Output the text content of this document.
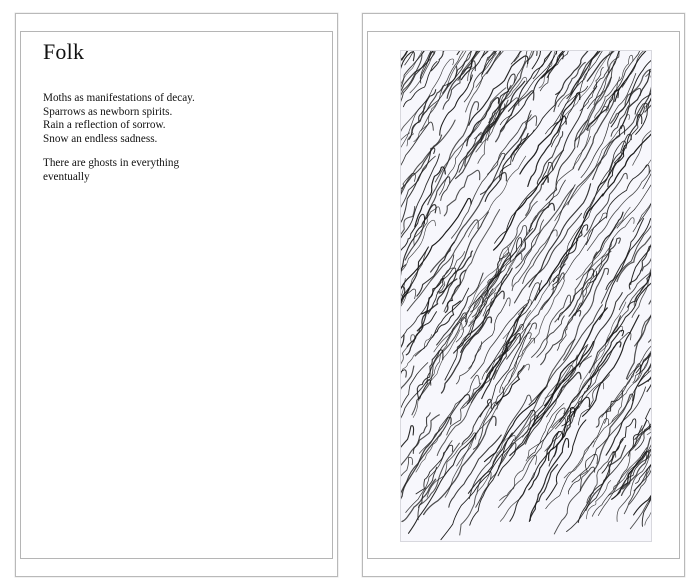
Folk

Moths as manifestations of decay.
Sparrows as newborn spirits.
Rain a reflection of sorrow.
Snow an endless sadness.

There are ghosts in everything
eventually
